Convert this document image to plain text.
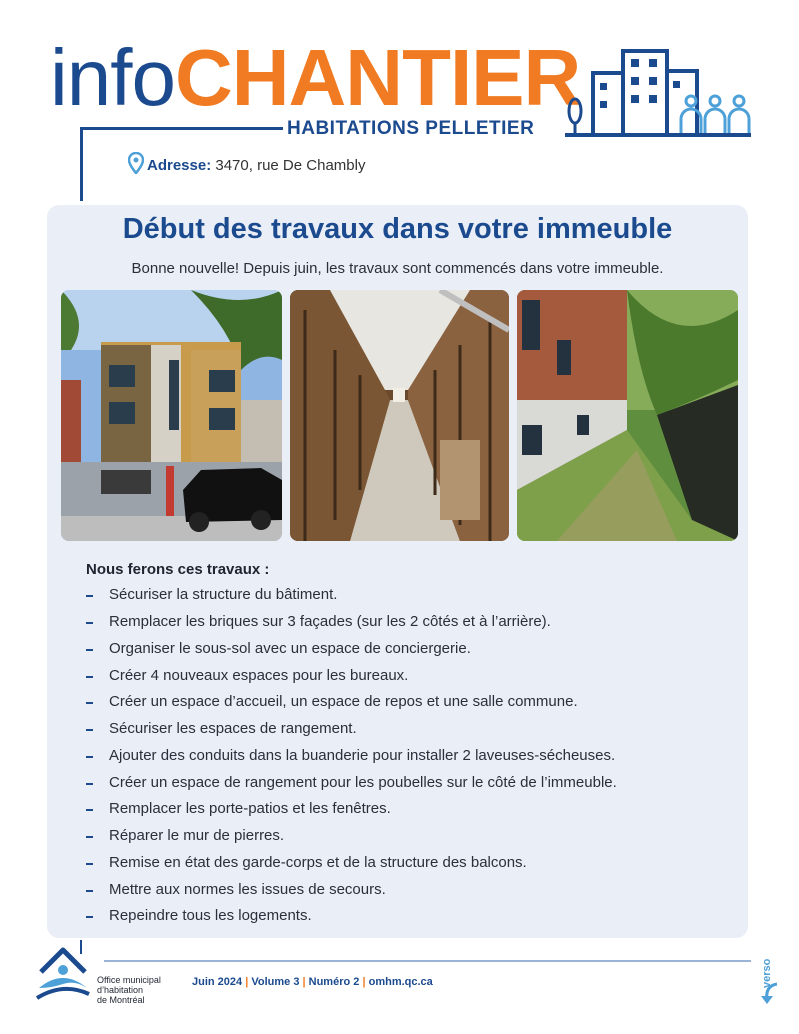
infoCHANTIER
HABITATIONS PELLETIER
Adresse: 3470, rue De Chambly
Début des travaux dans votre immeuble
Bonne nouvelle! Depuis juin, les travaux sont commencés dans votre immeuble.
Nous ferons ces travaux :
Sécuriser la structure du bâtiment.
Remplacer les briques sur 3 façades (sur les 2 côtés et à l’arrière).
Organiser le sous-sol avec un espace de conciergerie.
Créer 4 nouveaux espaces pour les bureaux.
Créer un espace d’accueil, un espace de repos et une salle commune.
Sécuriser les espaces de rangement.
Ajouter des conduits dans la buanderie pour installer 2 laveuses-sécheuses.
Créer un espace de rangement pour les poubelles sur le côté de l’immeuble.
Remplacer les porte-patios et les fenêtres.
Réparer le mur de pierres.
Remise en état des garde-corps et de la structure des balcons.
Mettre aux normes les issues de secours.
Repeindre tous les logements.
Office municipal
d’habitation
de Montréal
Juin 2024 | Volume 3 | Numéro 2 | omhm.qc.ca	verso
